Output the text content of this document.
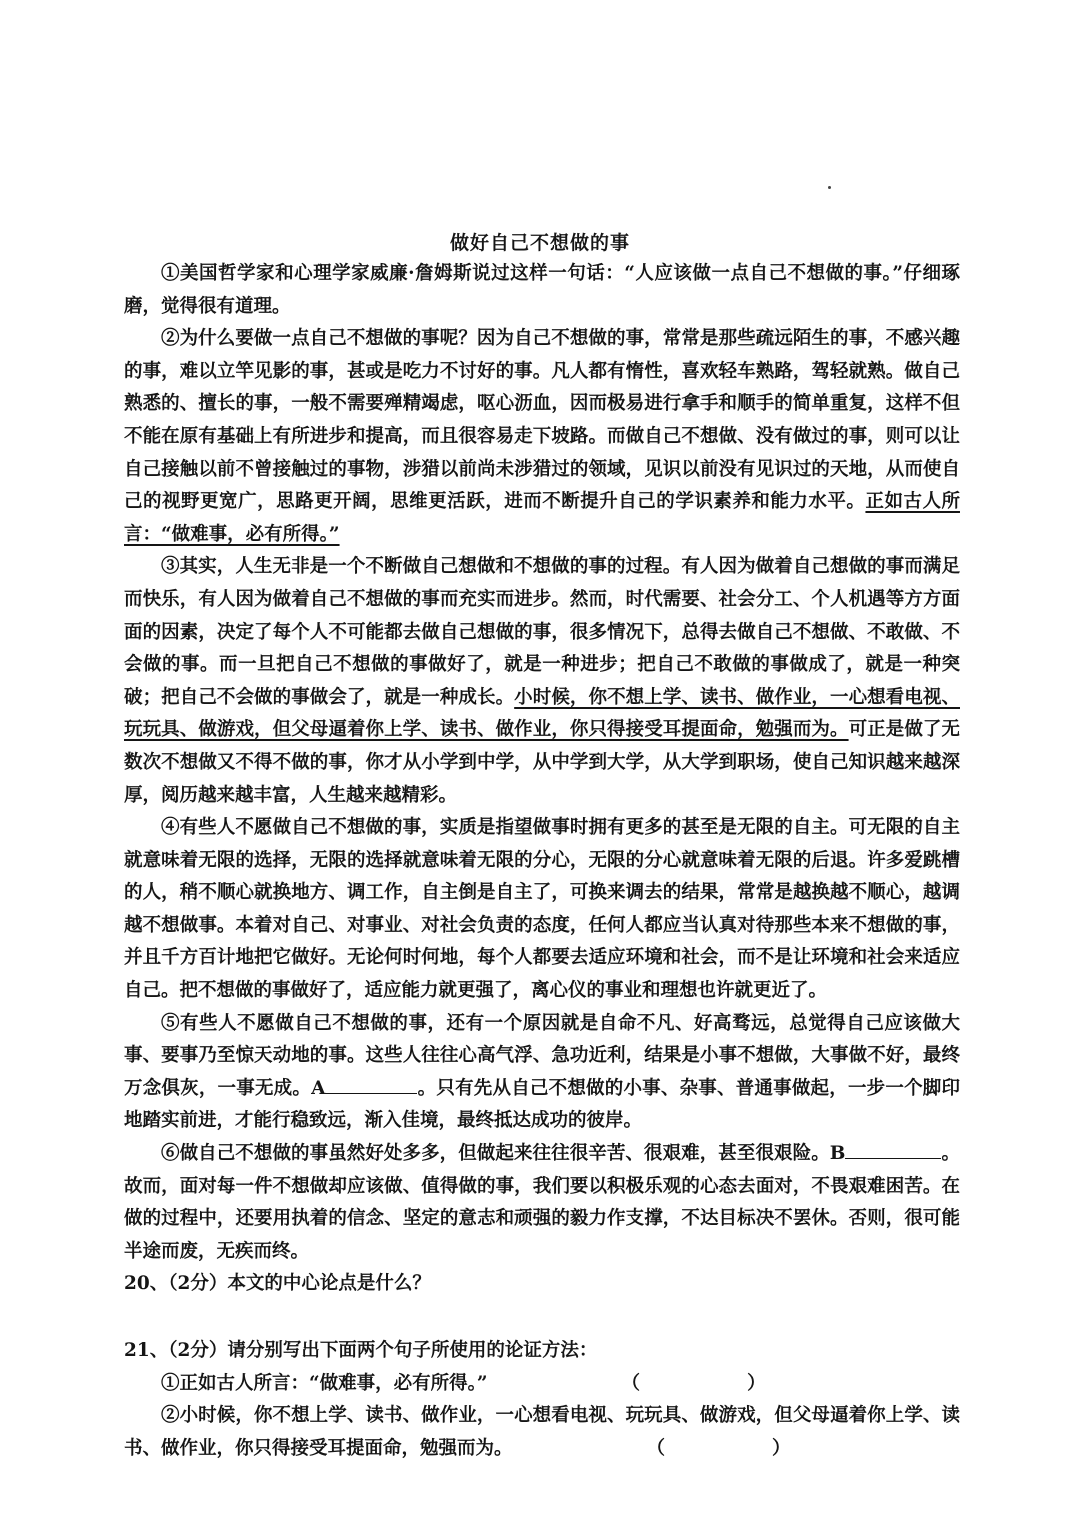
做好自己不想做的事

①美国哲学家和心理学家威廉·詹姆斯说过这样一句话：“人应该做一点自己不想做的事。”仔细琢磨，觉得很有道理。

②为什么要做一点自己不想做的事呢？因为自己不想做的事，常常是那些疏远陌生的事，不感兴趣的事，难以立竿见影的事，甚或是吃力不讨好的事。凡人都有惰性，喜欢轻车熟路，驾轻就熟。做自己熟悉的、擅长的事，一般不需要殚精竭虑，呕心沥血，因而极易进行拿手和顺手的简单重复，这样不但不能在原有基础上有所进步和提高，而且很容易走下坡路。而做自己不想做、没有做过的事，则可以让自己接触以前不曾接触过的事物，涉猎以前尚未涉猎过的领域，见识以前没有见识过的天地，从而使自己的视野更宽广，思路更开阔，思维更活跃，进而不断提升自己的学识素养和能力水平。正如古人所言：“做难事，必有所得。”

③其实，人生无非是一个不断做自己想做和不想做的事的过程。有人因为做着自己想做的事而满足而快乐，有人因为做着自己不想做的事而充实而进步。然而，时代需要、社会分工、个人机遇等方方面面的因素，决定了每个人不可能都去做自己想做的事，很多情况下，总得去做自己不想做、不敢做、不会做的事。而一旦把自己不想做的事做好了，就是一种进步；把自己不敢做的事做成了，就是一种突破；把自己不会做的事做会了，就是一种成长。小时候，你不想上学、读书、做作业，一心想看电视、玩玩具、做游戏，但父母逼着你上学、读书、做作业，你只得接受耳提面命，勉强而为。可正是做了无数次不想做又不得不做的事，你才从小学到中学，从中学到大学，从大学到职场，使自己知识越来越深厚，阅历越来越丰富，人生越来越精彩。

④有些人不愿做自己不想做的事，实质是指望做事时拥有更多的甚至是无限的自主。可无限的自主就意味着无限的选择，无限的选择就意味着无限的分心，无限的分心就意味着无限的后退。许多爱跳槽的人，稍不顺心就换地方、调工作，自主倒是自主了，可换来调去的结果，常常是越换越不顺心，越调越不想做事。本着对自己、对事业、对社会负责的态度，任何人都应当认真对待那些本来不想做的事，并且千方百计地把它做好。无论何时何地，每个人都要去适应环境和社会，而不是让环境和社会来适应自己。把不想做的事做好了，适应能力就更强了，离心仪的事业和理想也许就更近了。

⑤有些人不愿做自己不想做的事，还有一个原因就是自命不凡、好高骛远，总觉得自己应该做大事、要事乃至惊天动地的事。这些人往往心高气浮、急功近利，结果是小事不想做，大事做不好，最终万念俱灰，一事无成。A	。只有先从自己不想做的小事、杂事、普通事做起，一步一个脚印地踏实前进，才能行稳致远，渐入佳境，最终抵达成功的彼岸。

⑥做自己不想做的事虽然好处多多，但做起来往往很辛苦、很艰难，甚至很艰险。B	。故而，面对每一件不想做却应该做、值得做的事，我们要以积极乐观的心态去面对，不畏艰难困苦。在做的过程中，还要用执着的信念、坚定的意志和顽强的毅力作支撑，不达目标决不罢休。否则，很可能半途而废，无疾而终。

20、（2分）本文的中心论点是什么？

21、（2分）请分别写出下面两个句子所使用的论证方法：

①正如古人所言：“做难事，必有所得。”	（	）

②小时候，你不想上学、读书、做作业，一心想看电视、玩玩具、做游戏，但父母逼着你上学、读书、做作业，你只得接受耳提面命，勉强而为。	（	）
